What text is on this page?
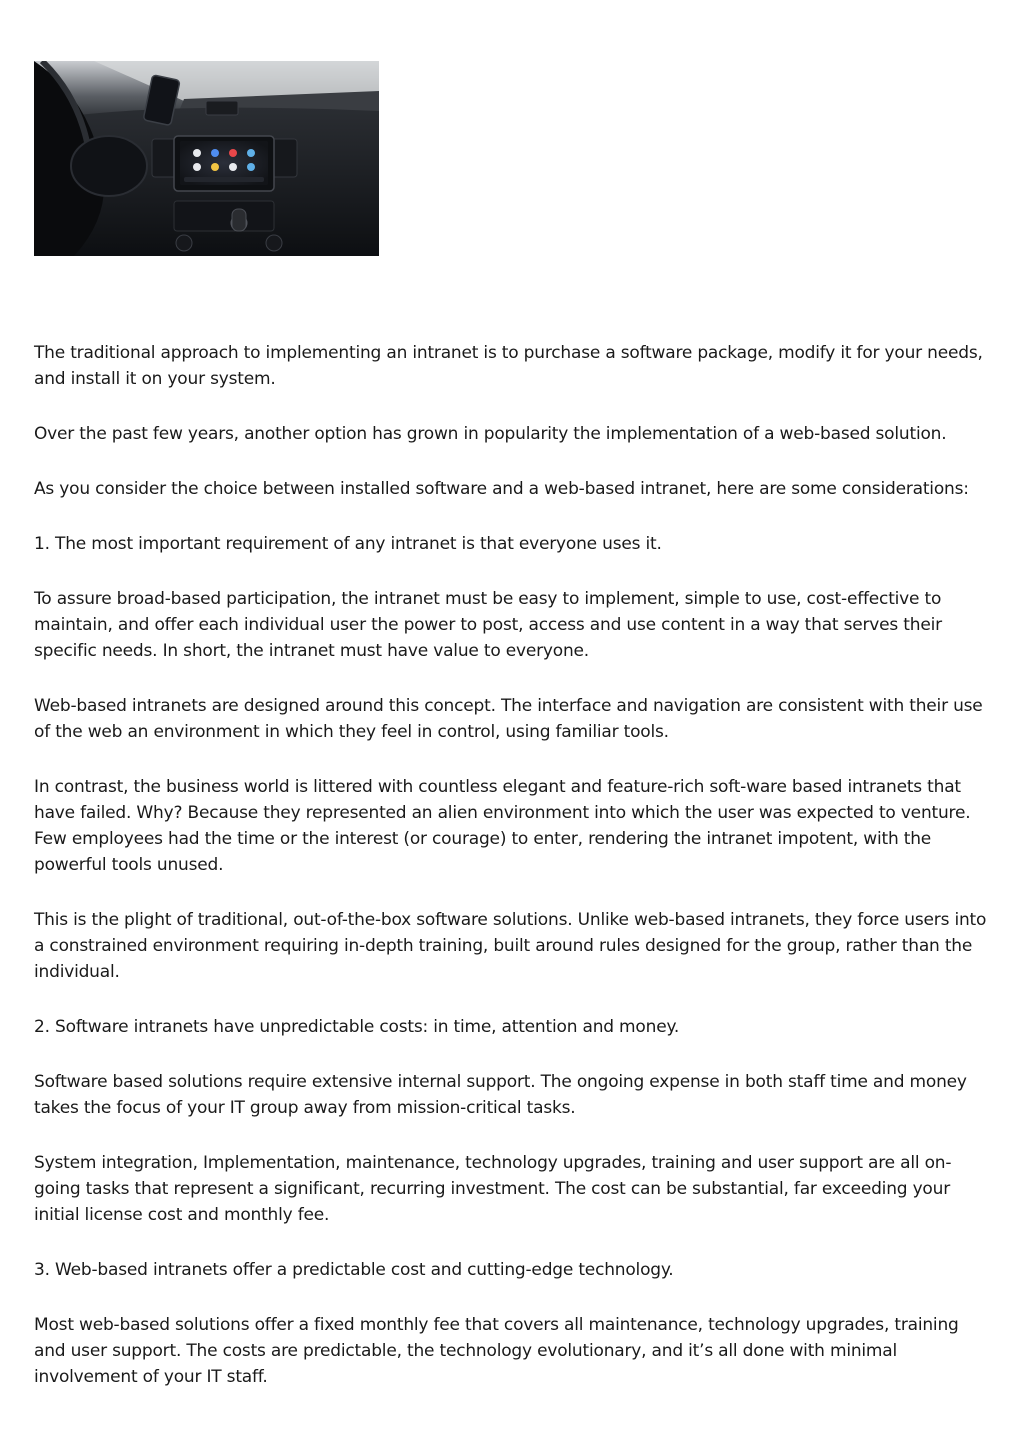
The traditional approach to implementing an intranet is to purchase a software package, modify it for your needs, and install it on your system.

Over the past few years, another option has grown in popularity the implementation of a web-based solution.

As you consider the choice between installed software and a web-based intranet, here are some considerations:

1. The most important requirement of any intranet is that everyone uses it.

To assure broad-based participation, the intranet must be easy to implement, simple to use, cost-effective to maintain, and offer each individual user the power to post, access and use content in a way that serves their specific needs. In short, the intranet must have value to everyone.

Web-based intranets are designed around this concept. The interface and navigation are consistent with their use of the web an environment in which they feel in control, using familiar tools.

In contrast, the business world is littered with countless elegant and feature-rich soft-ware based intranets that have failed. Why? Because they represented an alien environment into which the user was expected to venture. Few employees had the time or the interest (or courage) to enter, rendering the intranet impotent, with the powerful tools unused.

This is the plight of traditional, out-of-the-box software solutions. Unlike web-based intranets, they force users into a constrained environment requiring in-depth training, built around rules designed for the group, rather than the individual.

2. Software intranets have unpredictable costs: in time, attention and money.

Software based solutions require extensive internal support. The ongoing expense in both staff time and money takes the focus of your IT group away from mission-critical tasks.

System integration, Implementation, maintenance, technology upgrades, training and user support are all on-going tasks that represent a significant, recurring investment. The cost can be substantial, far exceeding your initial license cost and monthly fee.

3. Web-based intranets offer a predictable cost and cutting-edge technology.

Most web-based solutions offer a fixed monthly fee that covers all maintenance, technology upgrades, training and user support. The costs are predictable, the technology evolutionary, and it’s all done with minimal involvement of your IT staff.
